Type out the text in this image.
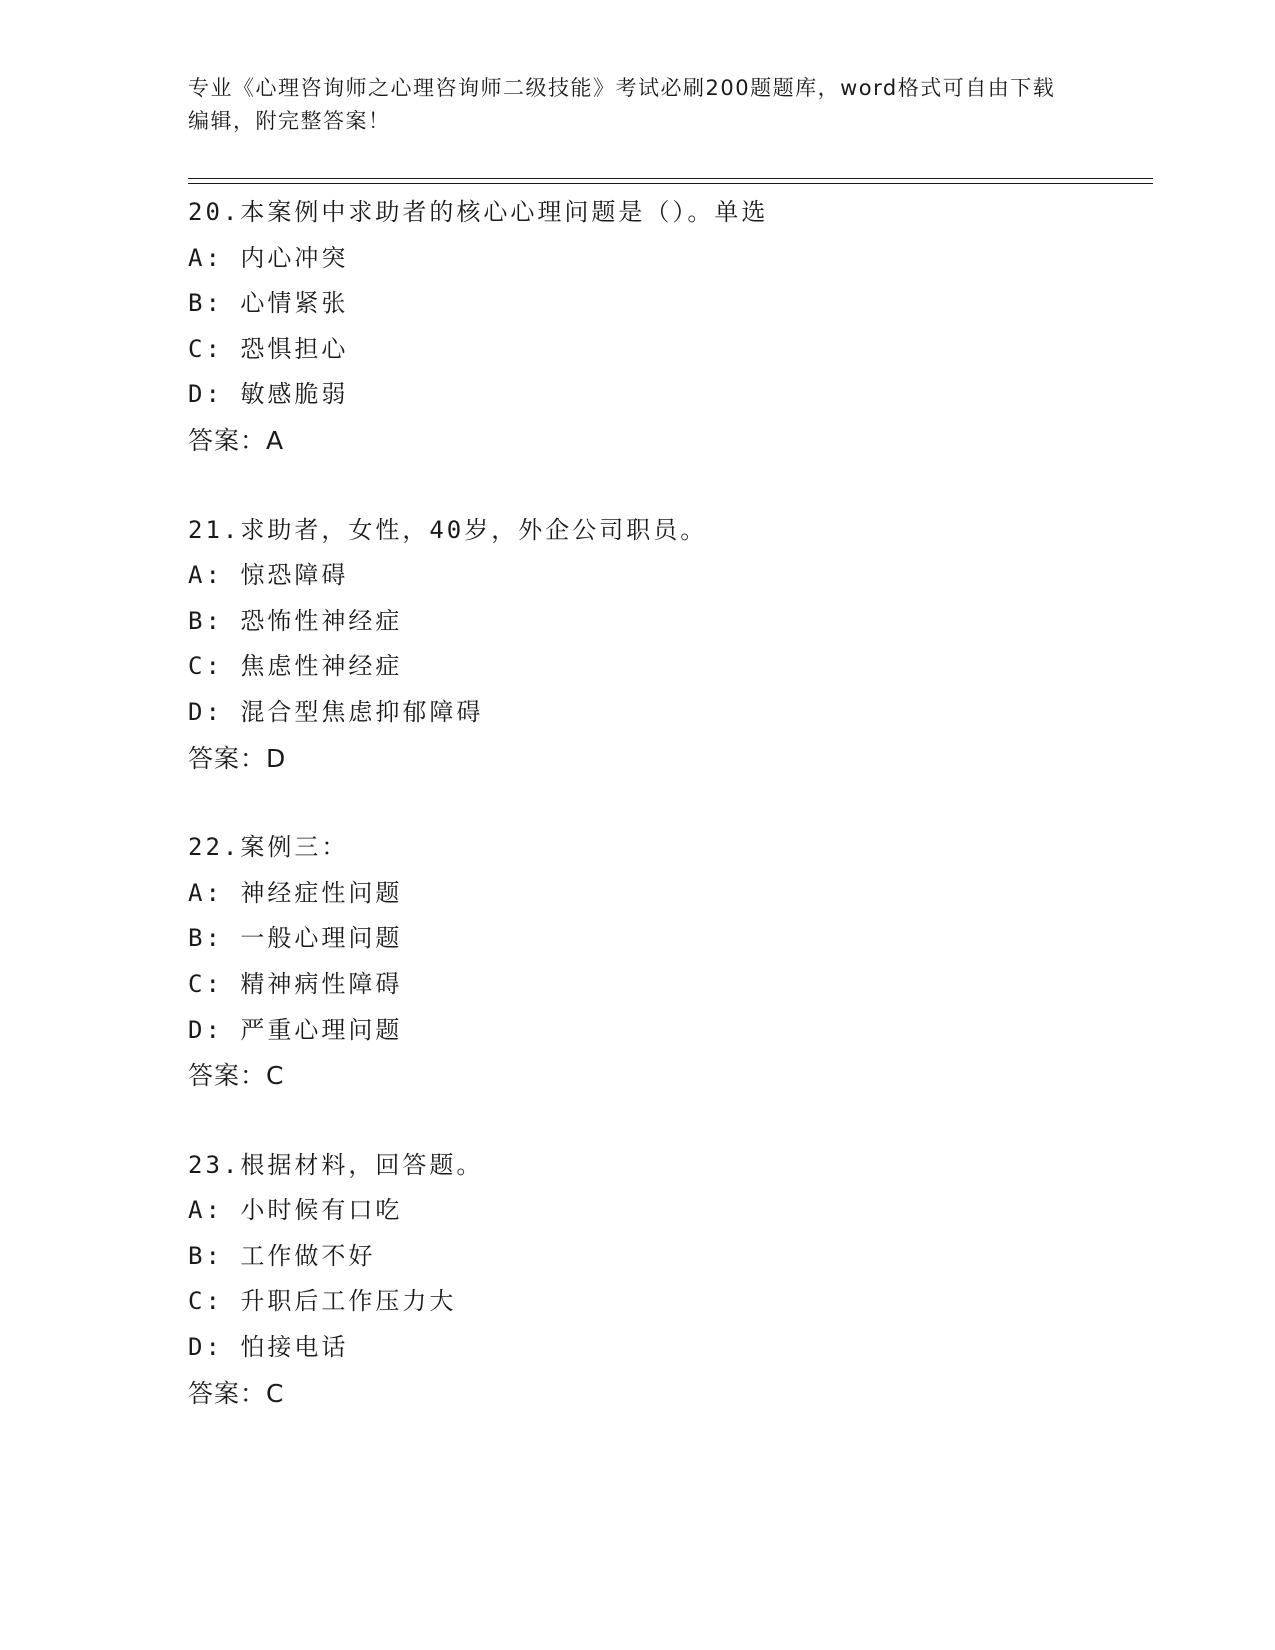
专业《心理咨询师之心理咨询师二级技能》考试必刷200题题库，word格式可自由下载编辑，附完整答案！
20.本案例中求助者的核心心理问题是（）。单选
A: 内心冲突
B: 心情紧张
C: 恐惧担心
D: 敏感脆弱
答案：A
21.求助者，女性，40岁，外企公司职员。
A: 惊恐障碍
B: 恐怖性神经症
C: 焦虑性神经症
D: 混合型焦虑抑郁障碍
答案：D
22.案例三：
A: 神经症性问题
B: 一般心理问题
C: 精神病性障碍
D: 严重心理问题
答案：C
23.根据材料，回答题。
A: 小时候有口吃
B: 工作做不好
C: 升职后工作压力大
D: 怕接电话
答案：C
